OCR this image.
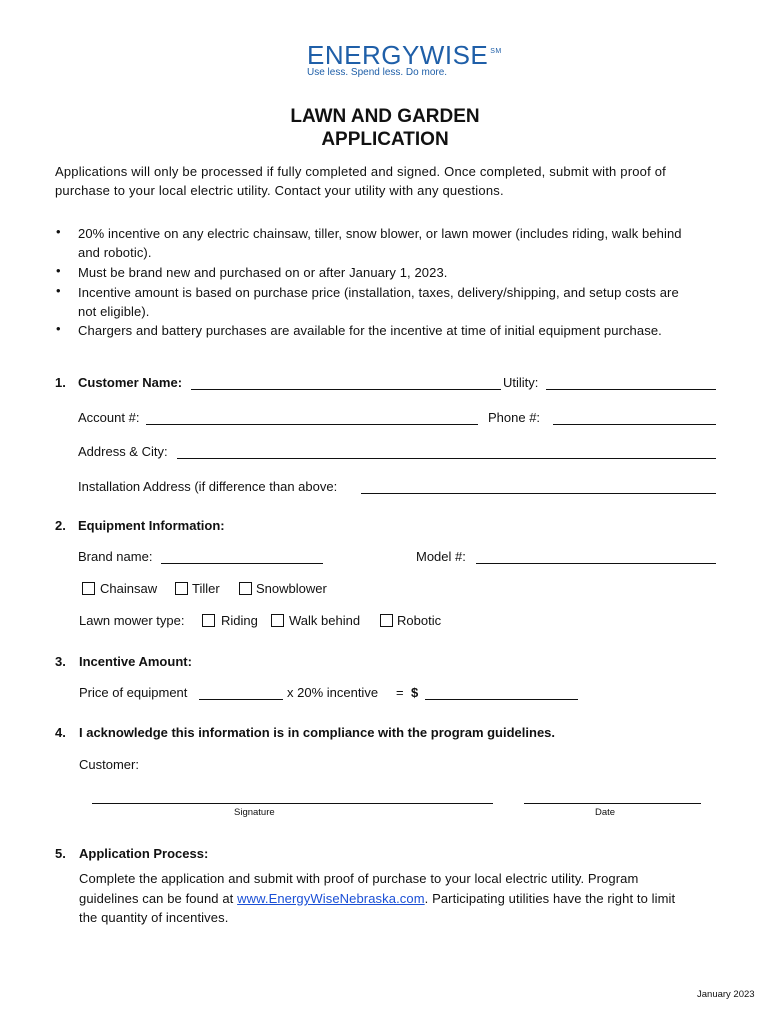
ENERGYWISE ℠
Use less. Spend less. Do more.
LAWN AND GARDEN
APPLICATION
Applications will only be processed if fully completed and signed. Once completed, submit with proof of
purchase to your local electric utility. Contact your utility with any questions.
• 20% incentive on any electric chainsaw, tiller, snow blower, or lawn mower (includes riding, walk behind
and robotic).
• Must be brand new and purchased on or after January 1, 2023.
• Incentive amount is based on purchase price (installation, taxes, delivery/shipping, and setup costs are
not eligible).
• Chargers and battery purchases are available for the incentive at time of initial equipment purchase.
1. Customer Name:	Utility:
Account #:	Phone #:
Address & City:
Installation Address (if difference than above:
2. Equipment Information:
Brand name:	Model #:
Chainsaw	Tiller	Snowblower
Lawn mower type:	Riding Walk behind	Robotic
3. Incentive Amount:
Price of equipment	x 20% incentive = $
4. I acknowledge this information is in compliance with the program guidelines.
Customer:
Signature	Date
5. Application Process:
Complete the application and submit with proof of purchase to your local electric utility. Program
guidelines can be found at www.EnergyWiseNebraska.com. Participating utilities have the right to limit
the quantity of incentives.
January 2023
